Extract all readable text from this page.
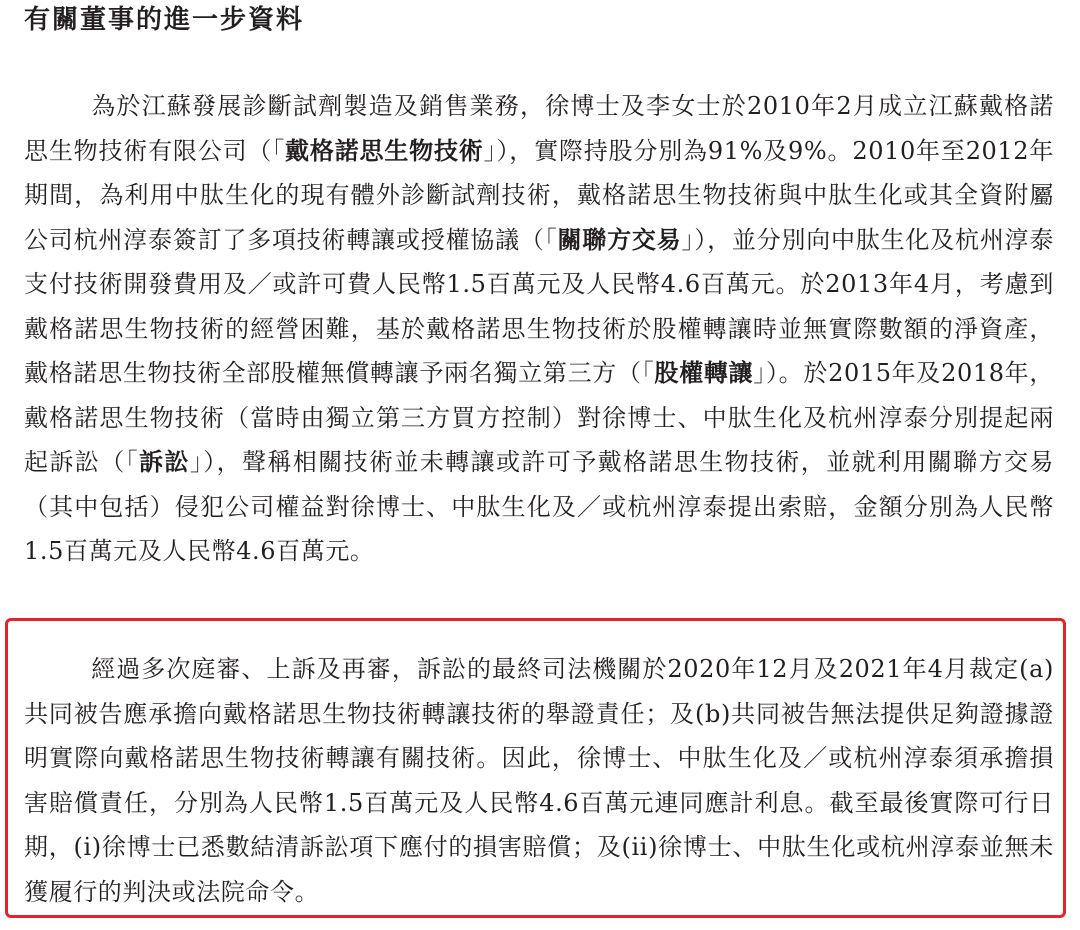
有關董事的進一步資料

為於江蘇發展診斷試劑製造及銷售業務，徐博士及李女士於2010年2月成立江蘇戴格諾思生物技術有限公司（「戴格諾思生物技術」），實際持股分別為91%及9%。2010年至2012年期間，為利用中肽生化的現有體外診斷試劑技術，戴格諾思生物技術與中肽生化或其全資附屬公司杭州淳泰簽訂了多項技術轉讓或授權協議（「關聯方交易」），並分別向中肽生化及杭州淳泰支付技術開發費用及／或許可費人民幣1.5百萬元及人民幣4.6百萬元。於2013年4月，考慮到戴格諾思生物技術的經營困難，基於戴格諾思生物技術於股權轉讓時並無實際數額的淨資產，戴格諾思生物技術全部股權無償轉讓予兩名獨立第三方（「股權轉讓」）。於2015年及2018年，戴格諾思生物技術（當時由獨立第三方買方控制）對徐博士、中肽生化及杭州淳泰分別提起兩起訴訟（「訴訟」），聲稱相關技術並未轉讓或許可予戴格諾思生物技術，並就利用關聯方交易（其中包括）侵犯公司權益對徐博士、中肽生化及／或杭州淳泰提出索賠，金額分別為人民幣1.5百萬元及人民幣4.6百萬元。

經過多次庭審、上訴及再審，訴訟的最終司法機關於2020年12月及2021年4月裁定(a)共同被告應承擔向戴格諾思生物技術轉讓技術的舉證責任；及(b)共同被告無法提供足夠證據證明實際向戴格諾思生物技術轉讓有關技術。因此，徐博士、中肽生化及／或杭州淳泰須承擔損害賠償責任，分別為人民幣1.5百萬元及人民幣4.6百萬元連同應計利息。截至最後實際可行日期，(i)徐博士已悉數結清訴訟項下應付的損害賠償；及(ii)徐博士、中肽生化或杭州淳泰並無未獲履行的判決或法院命令。
